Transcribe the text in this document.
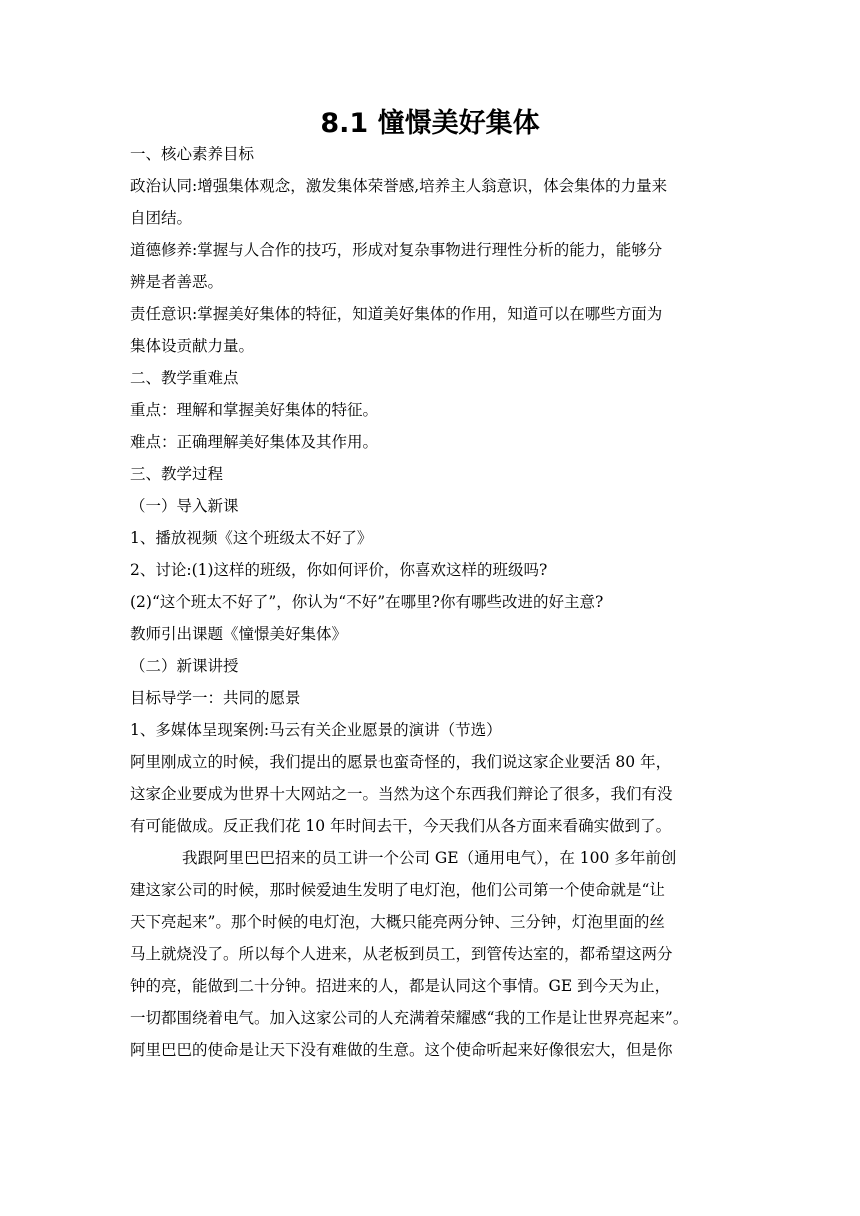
8.1 憧憬美好集体
一、核心素养目标
政治认同:增强集体观念，激发集体荣誉感,培养主人翁意识，体会集体的力量来
自团结。
道德修养:掌握与人合作的技巧，形成对复杂事物进行理性分析的能力，能够分
辨是者善恶。
责任意识:掌握美好集体的特征，知道美好集体的作用，知道可以在哪些方面为
集体设贡献力量。
二、教学重难点
重点：理解和掌握美好集体的特征。
难点：正确理解美好集体及其作用。
三、教学过程
（一）导入新课
1、播放视频《这个班级太不好了》
2、讨论:(1)这样的班级，你如何评价，你喜欢这样的班级吗?
(2)“这个班太不好了”，你认为“不好”在哪里?你有哪些改进的好主意?
教师引出课题《憧憬美好集体》
（二）新课讲授
目标导学一：共同的愿景
1、多媒体呈现案例:马云有关企业愿景的演讲（节选）
阿里刚成立的时候，我们提出的愿景也蛮奇怪的，我们说这家企业要活 80 年，
这家企业要成为世界十大网站之一。当然为这个东西我们辩论了很多，我们有没
有可能做成。反正我们花 10 年时间去干，今天我们从各方面来看确实做到了。
我跟阿里巴巴招来的员工讲一个公司 GE（通用电气），在 100 多年前创
建这家公司的时候，那时候爱迪生发明了电灯泡，他们公司第一个使命就是“让
天下亮起来”。那个时候的电灯泡，大概只能亮两分钟、三分钟，灯泡里面的丝
马上就烧没了。所以每个人进来，从老板到员工，到管传达室的，都希望这两分
钟的亮，能做到二十分钟。招进来的人，都是认同这个事情。GE 到今天为止，
一切都围绕着电气。加入这家公司的人充满着荣耀感“我的工作是让世界亮起来”。
阿里巴巴的使命是让天下没有难做的生意。这个使命听起来好像很宏大，但是你
